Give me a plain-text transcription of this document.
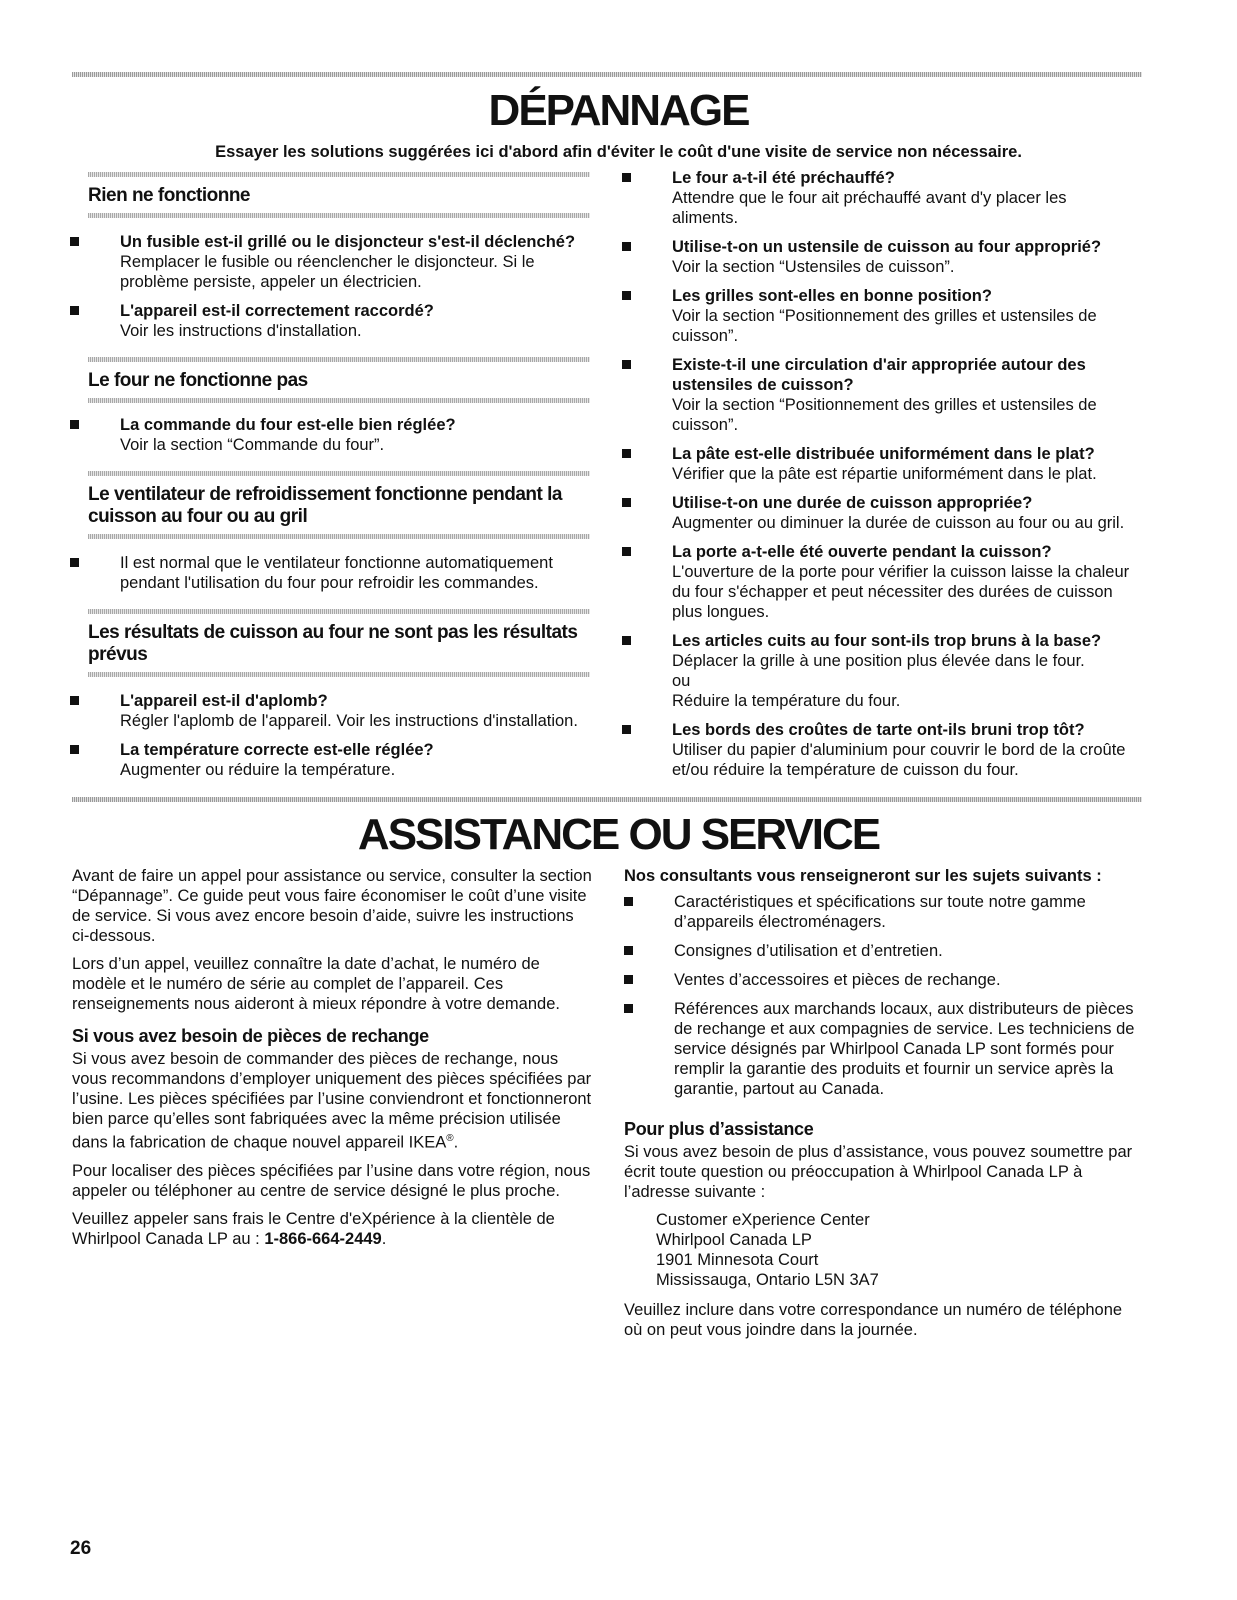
DÉPANNAGE

Essayer les solutions suggérées ici d'abord afin d'éviter le coût d'une visite de service non nécessaire.

Rien ne fonctionne
Un fusible est-il grillé ou le disjoncteur s'est-il déclenché?
Remplacer le fusible ou réenclencher le disjoncteur. Si le problème persiste, appeler un électricien.
L'appareil est-il correctement raccordé?
Voir les instructions d'installation.
Le four ne fonctionne pas
La commande du four est-elle bien réglée?
Voir la section “Commande du four”.
Le ventilateur de refroidissement fonctionne pendant la cuisson au four ou au gril
Il est normal que le ventilateur fonctionne automatiquement pendant l'utilisation du four pour refroidir les commandes.
Les résultats de cuisson au four ne sont pas les résultats prévus
L'appareil est-il d'aplomb?
Régler l'aplomb de l'appareil. Voir les instructions d'installation.
La température correcte est-elle réglée?
Augmenter ou réduire la température.
Le four a-t-il été préchauffé?
Attendre que le four ait préchauffé avant d'y placer les aliments.
Utilise-t-on un ustensile de cuisson au four approprié?
Voir la section “Ustensiles de cuisson”.
Les grilles sont-elles en bonne position?
Voir la section “Positionnement des grilles et ustensiles de cuisson”.
Existe-t-il une circulation d'air appropriée autour des ustensiles de cuisson?
Voir la section “Positionnement des grilles et ustensiles de cuisson”.
La pâte est-elle distribuée uniformément dans le plat?
Vérifier que la pâte est répartie uniformément dans le plat.
Utilise-t-on une durée de cuisson appropriée?
Augmenter ou diminuer la durée de cuisson au four ou au gril.
La porte a-t-elle été ouverte pendant la cuisson?
L'ouverture de la porte pour vérifier la cuisson laisse la chaleur du four s'échapper et peut nécessiter des durées de cuisson plus longues.
Les articles cuits au four sont-ils trop bruns à la base?
Déplacer la grille à une position plus élevée dans le four.
ou
Réduire la température du four.
Les bords des croûtes de tarte ont-ils bruni trop tôt?
Utiliser du papier d'aluminium pour couvrir le bord de la croûte et/ou réduire la température de cuisson du four.
ASSISTANCE OU SERVICE

Avant de faire un appel pour assistance ou service, consulter la section “Dépannage”. Ce guide peut vous faire économiser le coût d’une visite de service. Si vous avez encore besoin d’aide, suivre les instructions ci-dessous.

Lors d’un appel, veuillez connaître la date d’achat, le numéro de modèle et le numéro de série au complet de l’appareil. Ces renseignements nous aideront à mieux répondre à votre demande.

Si vous avez besoin de pièces de rechange

Si vous avez besoin de commander des pièces de rechange, nous vous recommandons d’employer uniquement des pièces spécifiées par l’usine. Les pièces spécifiées par l’usine conviendront et fonctionneront bien parce qu’elles sont fabriquées avec la même précision utilisée dans la fabrication de chaque nouvel appareil IKEA®.

Pour localiser des pièces spécifiées par l’usine dans votre région, nous appeler ou téléphoner au centre de service désigné le plus proche.

Veuillez appeler sans frais le Centre d'eXpérience à la clientèle de Whirlpool Canada LP au : 1-866-664-2449.

Nos consultants vous renseigneront sur les sujets suivants :

Caractéristiques et spécifications sur toute notre gamme d’appareils électroménagers.
Consignes d’utilisation et d’entretien.
Ventes d’accessoires et pièces de rechange.
Références aux marchands locaux, aux distributeurs de pièces de rechange et aux compagnies de service. Les techniciens de service désignés par Whirlpool Canada LP sont formés pour remplir la garantie des produits et fournir un service après la garantie, partout au Canada.
Pour plus d’assistance

Si vous avez besoin de plus d’assistance, vous pouvez soumettre par écrit toute question ou préoccupation à Whirlpool Canada LP à l’adresse suivante :

Customer eXperience Center
Whirlpool Canada LP
1901 Minnesota Court
Mississauga, Ontario L5N 3A7

Veuillez inclure dans votre correspondance un numéro de téléphone où on peut vous joindre dans la journée.

26
